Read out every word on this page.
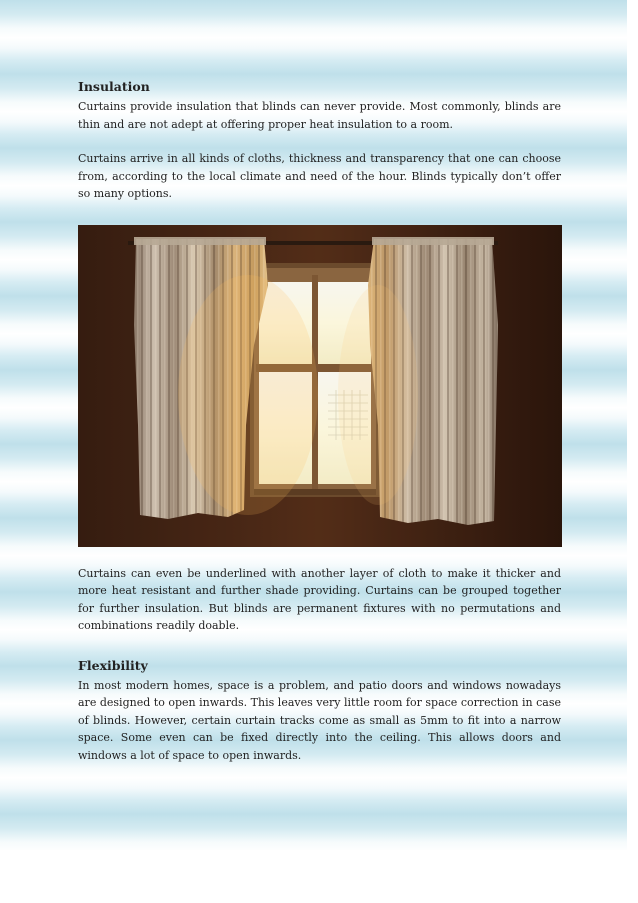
Insulation

Curtains provide insulation that blinds can never provide. Most commonly, blinds are thin and are not adept at offering proper heat insulation to a room.

Curtains arrive in all kinds of cloths, thickness and transparency that one can choose from, according to the local climate and need of the hour. Blinds typically don’t offer so many options.

Curtains can even be underlined with another layer of cloth to make it thicker and more heat resistant and further shade providing. Curtains can be grouped together for further insulation. But blinds are permanent fixtures with no permutations and combinations readily doable.

Flexibility

In most modern homes, space is a problem, and patio doors and windows nowadays are designed to open inwards. This leaves very little room for space correction in case of blinds. However, certain curtain tracks come as small as 5mm to fit into a narrow space. Some even can be fixed directly into the ceiling. This allows doors and windows a lot of space to open inwards.
